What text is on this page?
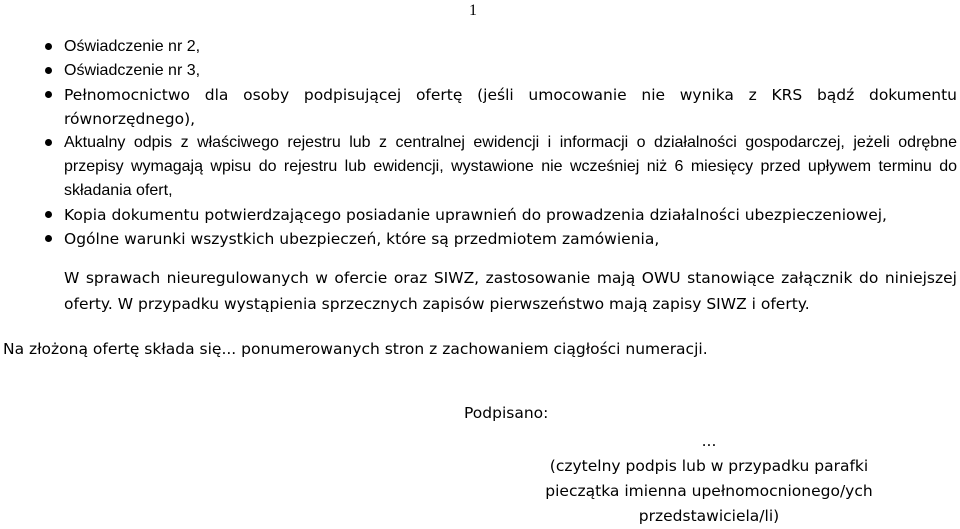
1
Oświadczenie nr 2,
Oświadczenie nr 3,
Pełnomocnictwo dla osoby podpisującej ofertę (jeśli umocowanie nie wynika z KRS bądź dokumentu równorzędnego),
Aktualny odpis z właściwego rejestru lub z centralnej ewidencji i informacji o działalności gospodarczej, jeżeli odrębne przepisy wymagają wpisu do rejestru lub ewidencji, wystawione nie wcześniej niż 6 miesięcy przed upływem terminu do składania ofert,
Kopia dokumentu potwierdzającego posiadanie uprawnień do prowadzenia działalności ubezpieczeniowej,
Ogólne warunki wszystkich ubezpieczeń, które są przedmiotem zamówienia,

W sprawach nieuregulowanych w ofercie oraz SIWZ, zastosowanie mają OWU stanowiące załącznik do niniejszej oferty. W przypadku wystąpienia sprzecznych zapisów pierwszeństwo mają zapisy SIWZ i oferty.

Na złożoną ofertę składa się... ponumerowanych stron z zachowaniem ciągłości numeracji.

Podpisano:

...
(czytelny podpis lub w przypadku parafki pieczątka imienna upełnomocnionego/ych przedstawiciela/li)
